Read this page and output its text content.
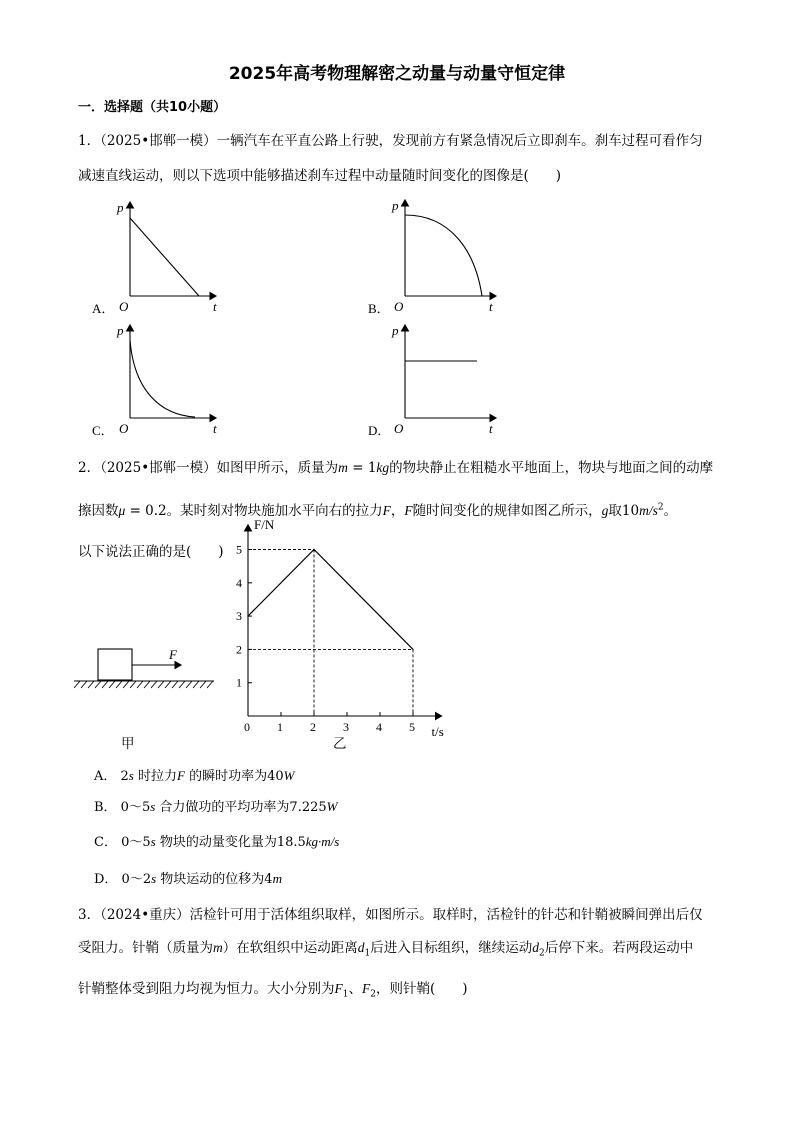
2025年高考物理解密之动量与动量守恒定律
一．选择题（共10小题）
1．（2025•邯郸一模）一辆汽车在平直公路上行驶，发现前方有紧急情况后立即刹车。刹车过程可看作匀
减速直线运动，则以下选项中能够描述刹车过程中动量随时间变化的图像是(　　)
p
O	t
A．
p
O	t
B．
p
O	t
C．
p
O	t
D．
2．（2025•邯郸一模）如图甲所示，质量为m = 1kg的物块静止在粗糙水平地面上，物块与地面之间的动摩
擦因数μ = 0.2。某时刻对物块施加水平向右的拉力F，F随时间变化的规律如图乙所示，g取$10m/s^2$。
以下说法正确的是(　　)
F
甲
0 1 2 3 4 5
1
2
3
4
5
F/N
t/s
乙
A． 2s 时拉力F 的瞬时功率为40W
B． 0～5s 合力做功的平均功率为7.225W
C． 0～5s 物块的动量变化量为18.5kg·m/s
D． 0～2s 物块运动的位移为4m
3．（2024•重庆）活检针可用于活体组织取样，如图所示。取样时，活检针的针芯和针鞘被瞬间弹出后仅
受阻力。针鞘（质量为m）在软组织中运动距离$d_1$后进入目标组织，继续运动$d_2$后停下来。若两段运动中
针鞘整体受到阻力均视为恒力。大小分别为$F_1$、$F_2$，则针鞘(　　)
